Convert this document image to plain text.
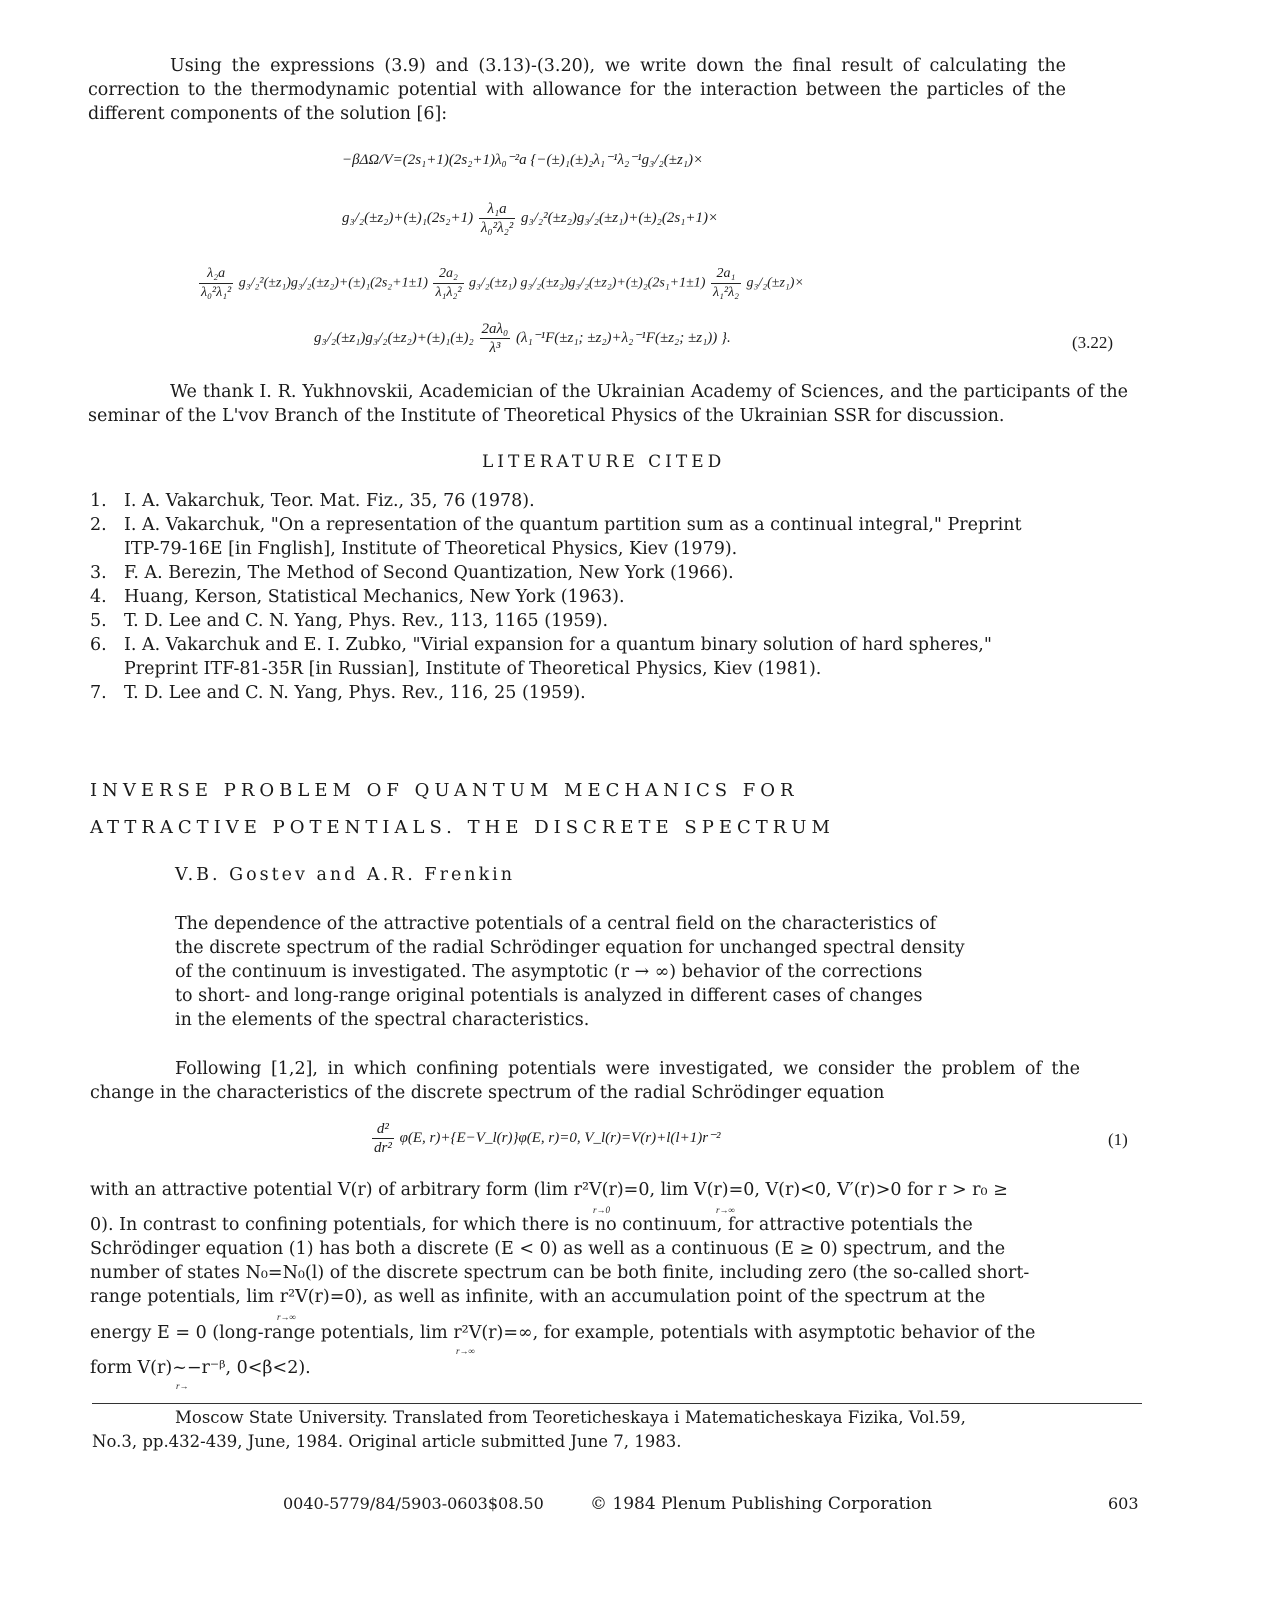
Using the expressions (3.9) and (3.13)-(3.20), we write down the final result of calculating the correction to the thermodynamic potential with allowance for the interaction between the particles of the different components of the solution [6]:
−βΔΩ/V=(2s₁+1)(2s₂+1)λ₀⁻²a {−(±)₁(±)₂λ₁⁻¹λ₂⁻¹g₃/₂(±z₁)×
$g_3/_2(\pm z_2)+(\pm)_1(2s_2+1) \frac{\text{λ₁a}}{\text{λ₀²λ₂²}} g_3/_2^2(\pm z_2)g_3/_2(\pm z_1)+(\pm)_2(2s_1+1)\times$
$\frac{\text{λ₂a}}{\text{λ₀²λ₁²}} g_3/_2^2(\pm z_1)g_3/_2(\pm z_2)+(\pm)_1(2s_2+1\pm 1) \frac{\text{2a₂}}{\text{λ₁λ₂²}} g_3/_2(\pm z_1)$ $g_3/_2(\pm z_2)g_3/_2(\pm z_2)+(\pm)_2(2s_1+1\pm 1) \frac{\text{2a₁}}{\text{λ₁²λ₂}} g_3/_2(\pm z_1)\times$
$g_3/_2(\pm z_1)g_3/_2(\pm z_2)+(\pm)_1(\pm)_2 \frac{\text{2aλ₀}}{\text{λ³}} (\lambda_1^{-1}F(\pm z_1$; ±z₂)+λ₂⁻¹F(±z₂; ±z₁)) }.	(3.22)
We thank I. R. Yukhnovskii, Academician of the Ukrainian Academy of Sciences, and the participants of the seminar of the L'vov Branch of the Institute of Theoretical Physics of the Ukrainian SSR for discussion.
LITERATURE CITED
1. I. A. Vakarchuk, Teor. Mat. Fiz., 35, 76 (1978).
2. I. A. Vakarchuk, "On a representation of the quantum partition sum as a continual integral," Preprint
ITP-79-16E [in Fnglish], Institute of Theoretical Physics, Kiev (1979).
3. F. A. Berezin, The Method of Second Quantization, New York (1966).
4. Huang, Kerson, Statistical Mechanics, New York (1963).
5. T. D. Lee and C. N. Yang, Phys. Rev., 113, 1165 (1959).
6. I. A. Vakarchuk and E. I. Zubko, "Virial expansion for a quantum binary solution of hard spheres,"
Preprint ITF-81-35R [in Russian], Institute of Theoretical Physics, Kiev (1981).
7. T. D. Lee and C. N. Yang, Phys. Rev., 116, 25 (1959).
INVERSE PROBLEM OF QUANTUM MECHANICS FOR
ATTRACTIVE POTENTIALS. THE DISCRETE SPECTRUM
V.B. Gostev and A.R. Frenkin
The dependence of the attractive potentials of a central field on the characteristics of
the discrete spectrum of the radial Schrödinger equation for unchanged spectral density
of the continuum is investigated. The asymptotic (r → ∞) behavior of the corrections
to short- and long-range original potentials is analyzed in different cases of changes
in the elements of the spectral characteristics.
Following [1,2], in which confining potentials were investigated, we consider the problem of the change in the characteristics of the discrete spectrum of the radial Schrödinger equation
$\frac{\text{d²}}{\text{dr²}} \varphi(E$, r)+{E−V_l(r)}φ(E, r)=0, V_l(r)=V(r)+l(l+1)r⁻²	(1)
with an attractive potential V(r) of arbitrary form (lim r²V(r)=0, lim V(r)=0, V(r)<0, V′(r)>0 for r > r₀ ≥
0). In contrast to confining potentials, for which there is no continuum, for attractive potentials the
Schrödinger equation (1) has both a discrete (E < 0) as well as a continuous (E ≥ 0) spectrum, and the
number of states N₀=N₀(l) of the discrete spectrum can be both finite, including zero (the so-called short-
range potentials, lim r²V(r)=0), as well as infinite, with an accumulation point of the spectrum at the
energy E = 0 (long-range potentials, lim r²V(r)=∞, for example, potentials with asymptotic behavior of the
form V(r)~−r⁻ᵝ, 0<β<2).
r→0	r→∞
r→∞
r→∞
r→
Moscow State University. Translated from Teoreticheskaya i Matematicheskaya Fizika, Vol.59,
No.3, pp.432-439, June, 1984. Original article submitted June 7, 1983.
0040-5779/84/5903-0603$08.50	© 1984 Plenum Publishing Corporation	603
